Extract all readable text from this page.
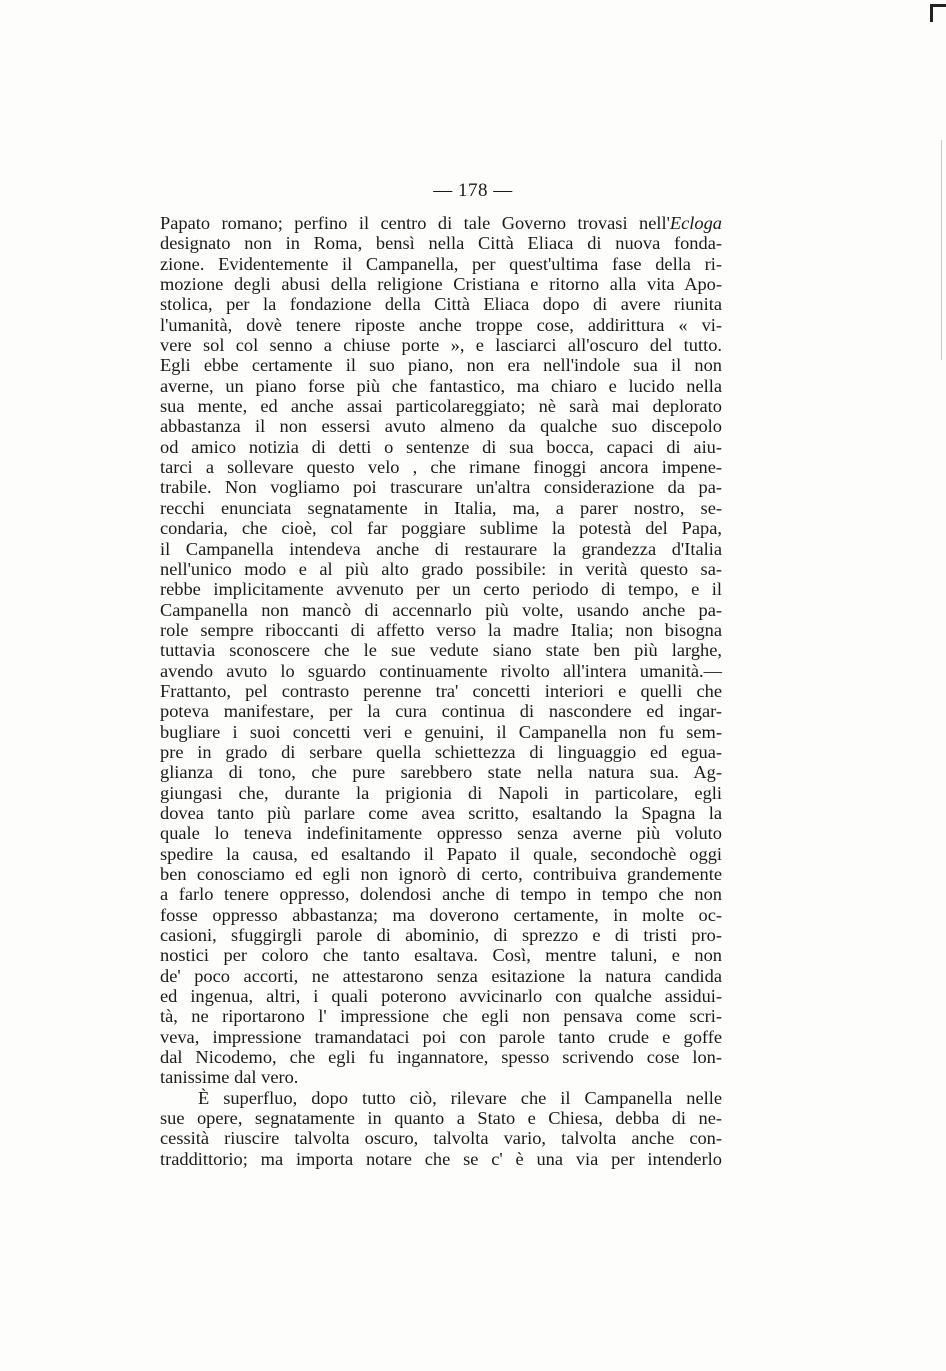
— 178 —
Papato romano; perfino il centro di tale Governo trovasi nell'Ecloga
designato non in Roma, bensì nella Città Eliaca di nuova fonda-
zione. Evidentemente il Campanella, per quest'ultima fase della ri-
mozione degli abusi della religione Cristiana e ritorno alla vita Apo-
stolica, per la fondazione della Città Eliaca dopo di avere riunita
l'umanità, dovè tenere riposte anche troppe cose, addirittura « vi-
vere sol col senno a chiuse porte », e lasciarci all'oscuro del tutto.
Egli ebbe certamente il suo piano, non era nell'indole sua il non
averne, un piano forse più che fantastico, ma chiaro e lucido nella
sua mente, ed anche assai particolareggiato; nè sarà mai deplorato
abbastanza il non essersi avuto almeno da qualche suo discepolo
od amico notizia di detti o sentenze di sua bocca, capaci di aiu-
tarci a sollevare questo velo , che rimane finoggi ancora impene-
trabile. Non vogliamo poi trascurare un'altra considerazione da pa-
recchi enunciata segnatamente in Italia, ma, a parer nostro, se-
condaria, che cioè, col far poggiare sublime la potestà del Papa,
il Campanella intendeva anche di restaurare la grandezza d'Italia
nell'unico modo e al più alto grado possibile: in verità questo sa-
rebbe implicitamente avvenuto per un certo periodo di tempo, e il
Campanella non mancò di accennarlo più volte, usando anche pa-
role sempre riboccanti di affetto verso la madre Italia; non bisogna
tuttavia sconoscere che le sue vedute siano state ben più larghe,
avendo avuto lo sguardo continuamente rivolto all'intera umanità.—
Frattanto, pel contrasto perenne tra' concetti interiori e quelli che
poteva manifestare, per la cura continua di nascondere ed ingar-
bugliare i suoi concetti veri e genuini, il Campanella non fu sem-
pre in grado di serbare quella schiettezza di linguaggio ed egua-
glianza di tono, che pure sarebbero state nella natura sua. Ag-
giungasi che, durante la prigionia di Napoli in particolare, egli
dovea tanto più parlare come avea scritto, esaltando la Spagna la
quale lo teneva indefinitamente oppresso senza averne più voluto
spedire la causa, ed esaltando il Papato il quale, secondochè oggi
ben conosciamo ed egli non ignorò di certo, contribuiva grandemente
a farlo tenere oppresso, dolendosi anche di tempo in tempo che non
fosse oppresso abbastanza; ma doverono certamente, in molte oc-
casioni, sfuggirgli parole di abominio, di sprezzo e di tristi pro-
nostici per coloro che tanto esaltava. Così, mentre taluni, e non
de' poco accorti, ne attestarono senza esitazione la natura candida
ed ingenua, altri, i quali poterono avvicinarlo con qualche assidui-
tà, ne riportarono l' impressione che egli non pensava come scri-
veva, impressione tramandataci poi con parole tanto crude e goffe
dal Nicodemo, che egli fu ingannatore, spesso scrivendo cose lon-
tanissime dal vero.
È superfluo, dopo tutto ciò, rilevare che il Campanella nelle
sue opere, segnatamente in quanto a Stato e Chiesa, debba di ne-
cessità riuscire talvolta oscuro, talvolta vario, talvolta anche con-
traddittorio; ma importa notare che se c' è una via per intenderlo
